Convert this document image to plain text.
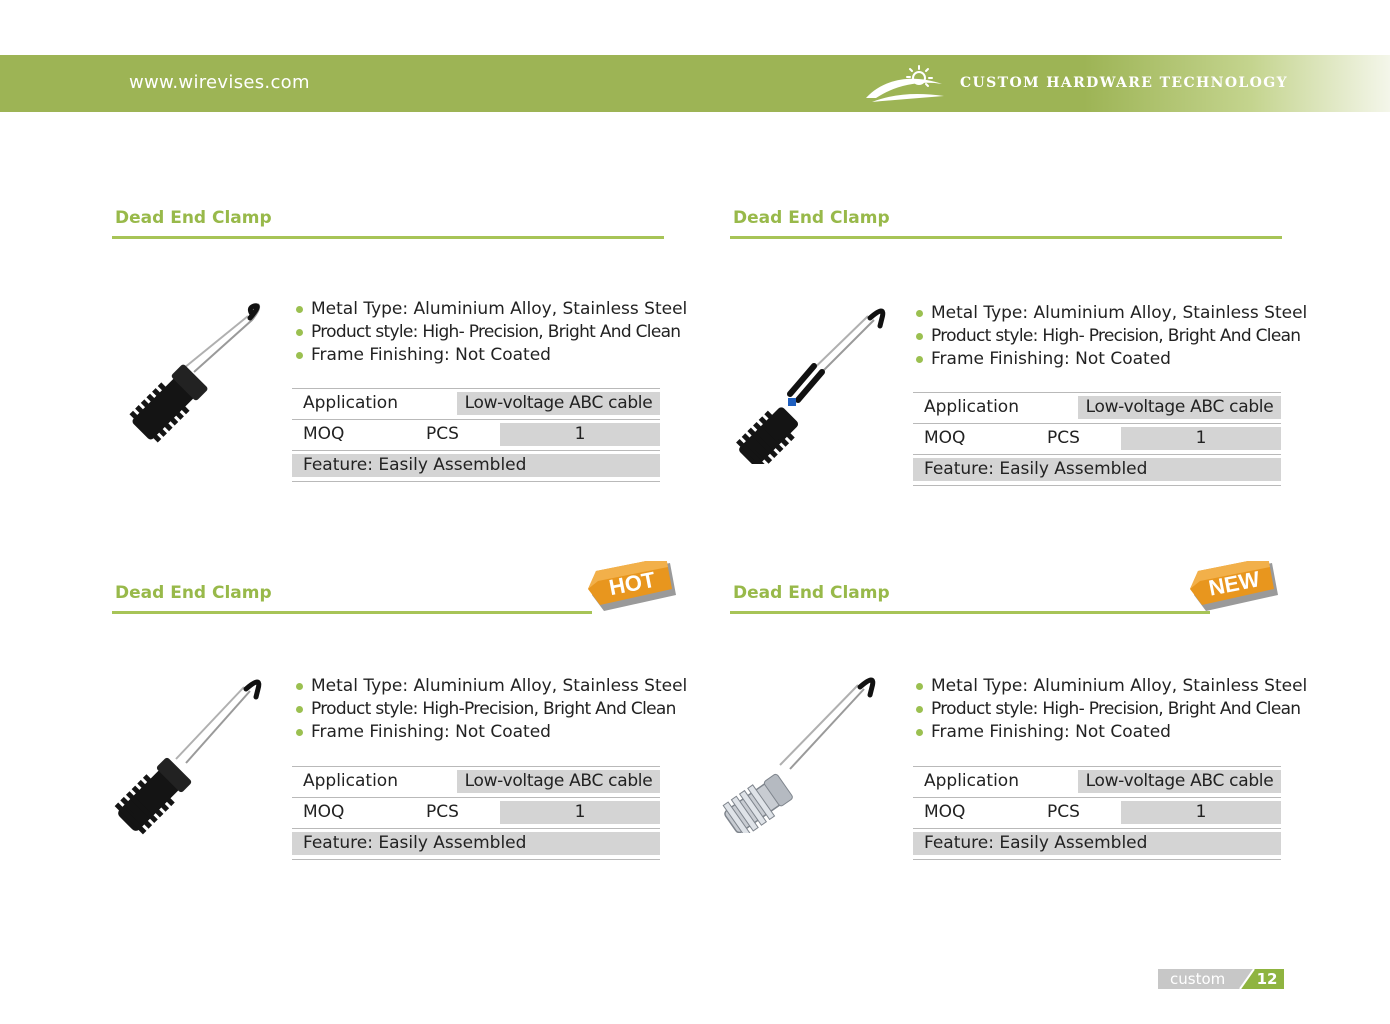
www.wirevises.com	CUSTOM HARDWARE TECHNOLOGY
Dead End Clamp
Metal Type: Aluminium Alloy, Stainless Steel
Product style: High- Precision, Bright And Clean
Frame Finishing: Not Coated
Application	Low-voltage ABC cable
MOQ	PCS	1
Feature: Easily Assembled
Dead End Clamp
Metal Type: Aluminium Alloy, Stainless Steel
Product style: High- Precision, Bright And Clean
Frame Finishing: Not Coated
Application	Low-voltage ABC cable
MOQ	PCS	1
Feature: Easily Assembled
Dead End Clamp	HOT
Metal Type: Aluminium Alloy, Stainless Steel
Product style: High-Precision, Bright And Clean
Frame Finishing: Not Coated
Application	Low-voltage ABC cable
MOQ	PCS	1
Feature: Easily Assembled
Dead End Clamp	NEW
Metal Type: Aluminium Alloy, Stainless Steel
Product style: High- Precision, Bright And Clean
Frame Finishing: Not Coated
Application	Low-voltage ABC cable
MOQ	PCS	1
Feature: Easily Assembled
custom	12
